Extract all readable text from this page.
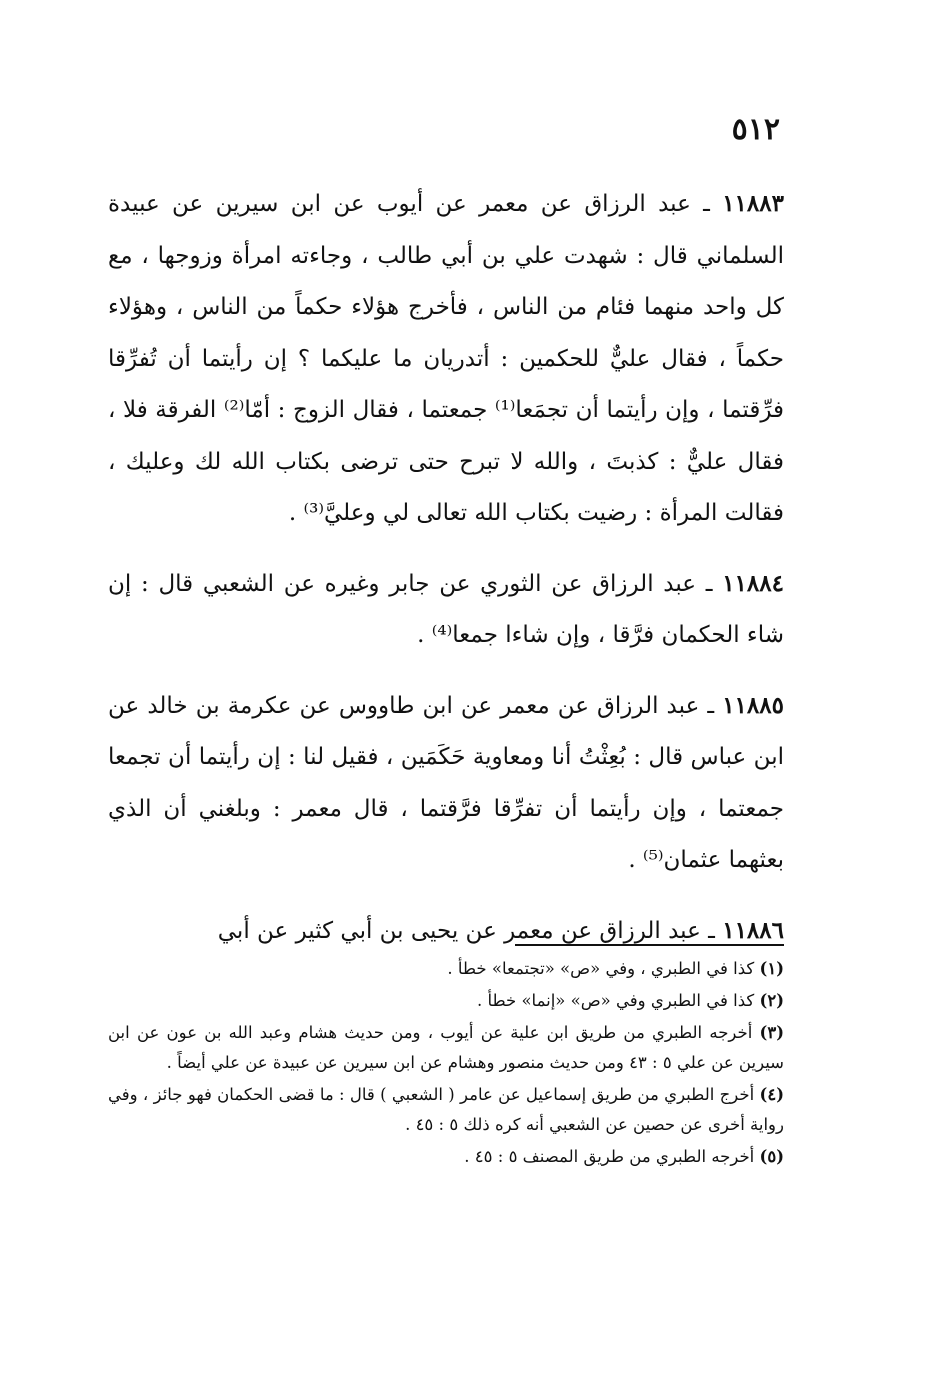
٥١٢

١١٨٨٣ ـ عبد الرزاق عن معمر عن أيوب عن ابن سيرين عن عبيدة السلماني قال : شهدت علي بن أبي طالب ، وجاءته امرأة وزوجها ، مع كل واحد منهما فئام من الناس ، فأخرج هؤلاء حكماً من الناس ، وهؤلاء حكماً ، فقال عليٌّ للحكمين : أتدريان ما عليكما ؟ إن رأيتما أن تُفرِّقا فرِّقتما ، وإن رأيتما أن تجمَعا⁽¹⁾ جمعتما ، فقال الزوج : أمّا⁽²⁾ الفرقة فلا ، فقال عليٌّ : كذبتَ ، والله لا تبرح حتى ترضى بكتاب الله لك وعليك ، فقالت المرأة : رضيت بكتاب الله تعالى لي وعليَّ⁽³⁾ .

١١٨٨٤ ـ عبد الرزاق عن الثوري عن جابر وغيره عن الشعبي قال : إن شاء الحكمان فرَّقا ، وإن شاءا جمعا⁽⁴⁾ .

١١٨٨٥ ـ عبد الرزاق عن معمر عن ابن طاووس عن عكرمة بن خالد عن ابن عباس قال : بُعِثْتُ أنا ومعاوية حَكَمَين ، فقيل لنا : إن رأيتما أن تجمعا جمعتما ، وإن رأيتما أن تفرِّقا فرَّقتما ، قال معمر : وبلغني أن الذي بعثهما عثمان⁽⁵⁾ .

١١٨٨٦ ـ عبد الرزاق عن معمر عن يحيى بن أبي كثير عن أبي

(١) كذا في الطبري ، وفي «ص» «تجتمعا» خطأ .

(٢) كذا في الطبري وفي «ص» «إنما» خطأ .

(٣) أخرجه الطبري من طريق ابن علية عن أيوب ، ومن حديث هشام وعبد الله بن عون عن ابن سيرين عن علي ٥ : ٤٣ ومن حديث منصور وهشام عن ابن سيرين عن عبيدة عن علي أيضاً .

(٤) أخرج الطبري من طريق إسماعيل عن عامر ( الشعبي ) قال : ما قضى الحكمان فهو جائز ، وفي رواية أخرى عن حصين عن الشعبي أنه كره ذلك ٥ : ٤٥ .

(٥) أخرجه الطبري من طريق المصنف ٥ : ٤٥ .
